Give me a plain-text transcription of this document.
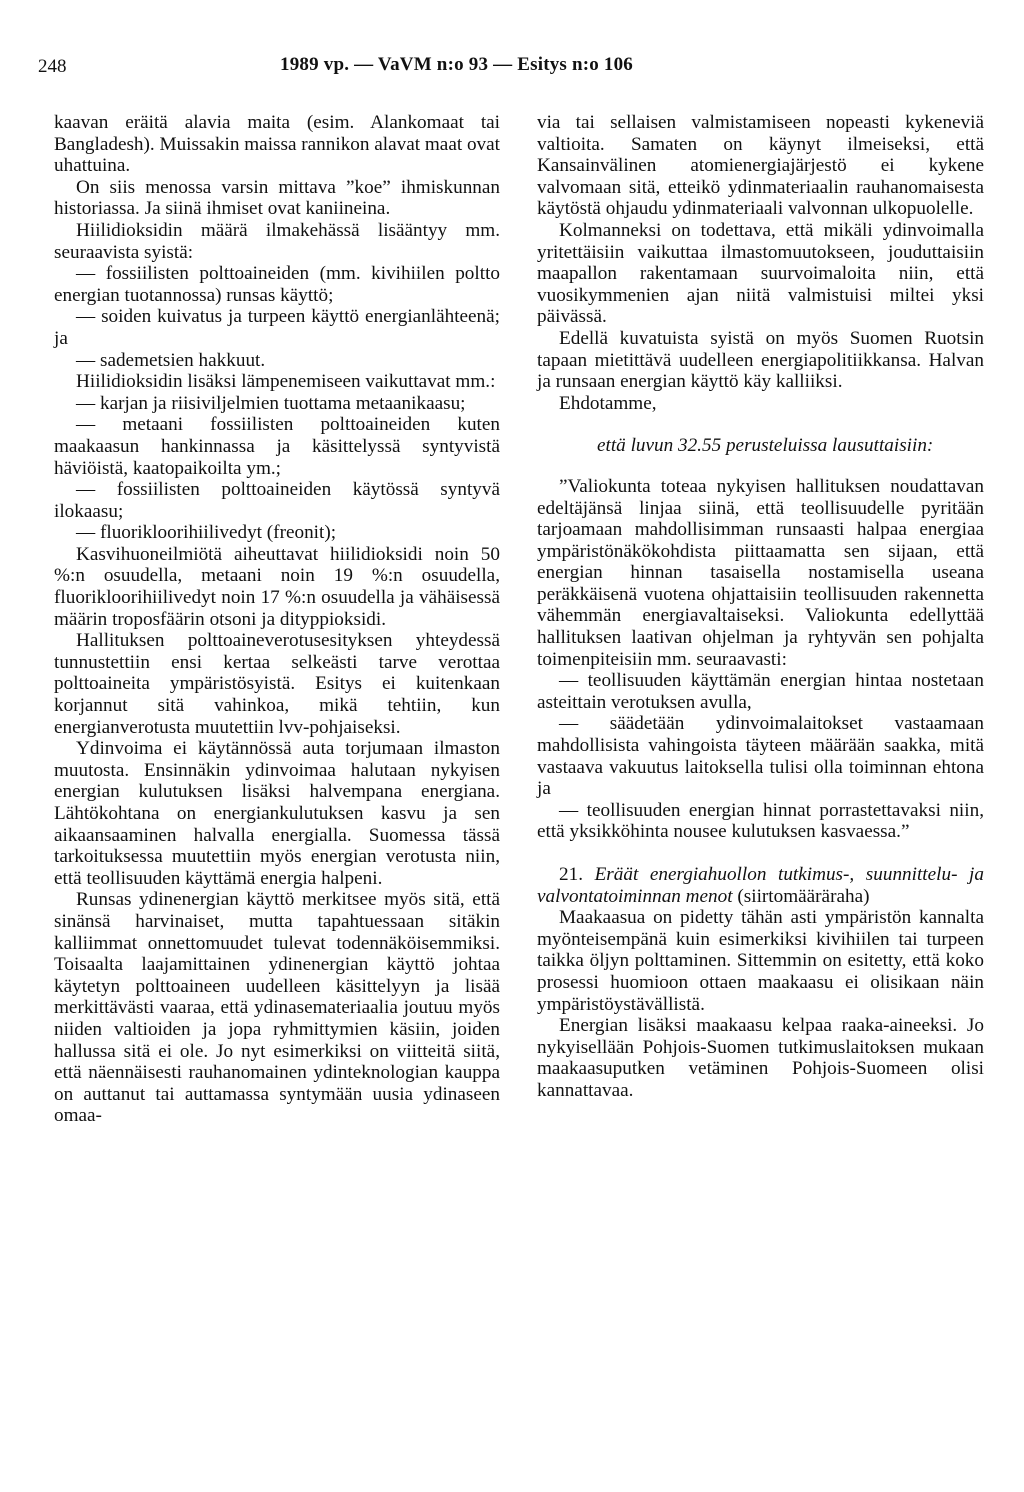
248	1989 vp. — VaVM n:o 93 — Esitys n:o 106

kaavan eräitä alavia maita (esim. Alankomaat tai Bangladesh). Muissakin maissa rannikon alavat maat ovat uhattuina.

On siis menossa varsin mittava ”koe” ihmiskunnan historiassa. Ja siinä ihmiset ovat kaniineina.

Hiilidioksidin määrä ilmakehässä lisääntyy mm. seuraavista syistä:

— fossiilisten polttoaineiden (mm. kivihiilen poltto energian tuotannossa) runsas käyttö;

— soiden kuivatus ja turpeen käyttö energianlähteenä; ja

— sademetsien hakkuut.

Hiilidioksidin lisäksi lämpenemiseen vaikuttavat mm.:

— karjan ja riisiviljelmien tuottama metaanikaasu;

— metaani fossiilisten polttoaineiden kuten maakaasun hankinnassa ja käsittelyssä syntyvistä häviöistä, kaatopaikoilta ym.;

— fossiilisten polttoaineiden käytössä syntyvä ilokaasu;

— fluorikloorihiilivedyt (freonit);

Kasvihuoneilmiötä aiheuttavat hiilidioksidi noin 50 %:n osuudella, metaani noin 19 %:n osuudella, fluorikloorihiilivedyt noin 17 %:n osuudella ja vähäisessä määrin troposfäärin otsoni ja dityppioksidi.

Hallituksen polttoaineverotusesityksen yhteydessä tunnustettiin ensi kertaa selkeästi tarve verottaa polttoaineita ympäristösyistä. Esitys ei kuitenkaan korjannut sitä vahinkoa, mikä tehtiin, kun energianverotusta muutettiin lvv-pohjaiseksi.

Ydinvoima ei käytännössä auta torjumaan ilmaston muutosta. Ensinnäkin ydinvoimaa halutaan nykyisen energian kulutuksen lisäksi halvempana energiana. Lähtökohtana on energiankulutuksen kasvu ja sen aikaansaaminen halvalla energialla. Suomessa tässä tarkoituksessa muutettiin myös energian verotusta niin, että teollisuuden käyttämä energia halpeni.

Runsas ydinenergian käyttö merkitsee myös sitä, että sinänsä harvinaiset, mutta tapahtuessaan sitäkin kalliimmat onnettomuudet tulevat todennäköisemmiksi. Toisaalta laajamittainen ydinenergian käyttö johtaa käytetyn polttoaineen uudelleen käsittelyyn ja lisää merkittävästi vaaraa, että ydinasemateriaalia joutuu myös niiden valtioiden ja jopa ryhmittymien käsiin, joiden hallussa sitä ei ole. Jo nyt esimerkiksi on viitteitä siitä, että näennäisesti rauhanomainen ydinteknologian kauppa on auttanut tai auttamassa syntymään uusia ydinaseen omaa-

via tai sellaisen valmistamiseen nopeasti kykeneviä valtioita. Samaten on käynyt ilmeiseksi, että Kansainvälinen atomienergiajärjestö ei kykene valvomaan sitä, etteikö ydinmateriaalin rauhanomaisesta käytöstä ohjaudu ydinmateriaali valvonnan ulkopuolelle.

Kolmanneksi on todettava, että mikäli ydinvoimalla yritettäisiin vaikuttaa ilmastomuutokseen, jouduttaisiin maapallon rakentamaan suurvoimaloita niin, että vuosikymmenien ajan niitä valmistuisi miltei yksi päivässä.

Edellä kuvatuista syistä on myös Suomen Ruotsin tapaan mietittävä uudelleen energiapolitiikkansa. Halvan ja runsaan energian käyttö käy kalliiksi.

Ehdotamme,

että luvun 32.55 perusteluissa lausuttaisiin:

”Valiokunta toteaa nykyisen hallituksen noudattavan edeltäjänsä linjaa siinä, että teollisuudelle pyritään tarjoamaan mahdollisimman runsaasti halpaa energiaa ympäristönäkökohdista piittaamatta sen sijaan, että energian hinnan tasaisella nostamisella useana peräkkäisenä vuotena ohjattaisiin teollisuuden rakennetta vähemmän energiavaltaiseksi. Valiokunta edellyttää hallituksen laativan ohjelman ja ryhtyvän sen pohjalta toimenpiteisiin mm. seuraavasti:

— teollisuuden käyttämän energian hintaa nostetaan asteittain verotuksen avulla,

— säädetään ydinvoimalaitokset vastaamaan mahdollisista vahingoista täyteen määrään saakka, mitä vastaava vakuutus laitoksella tulisi olla toiminnan ehtona ja

— teollisuuden energian hinnat porrastettavaksi niin, että yksikköhinta nousee kulutuksen kasvaessa.”

21. Eräät energiahuollon tutkimus-, suunnittelu- ja valvontatoiminnan menot (siirtomääräraha)

Maakaasua on pidetty tähän asti ympäristön kannalta myönteisempänä kuin esimerkiksi kivihiilen tai turpeen taikka öljyn polttaminen. Sittemmin on esitetty, että koko prosessi huomioon ottaen maakaasu ei olisikaan näin ympäristöystävällistä.

Energian lisäksi maakaasu kelpaa raaka-aineeksi. Jo nykyisellään Pohjois-Suomen tutkimuslaitoksen mukaan maakaasuputken vetäminen Pohjois-Suomeen olisi kannattavaa.
